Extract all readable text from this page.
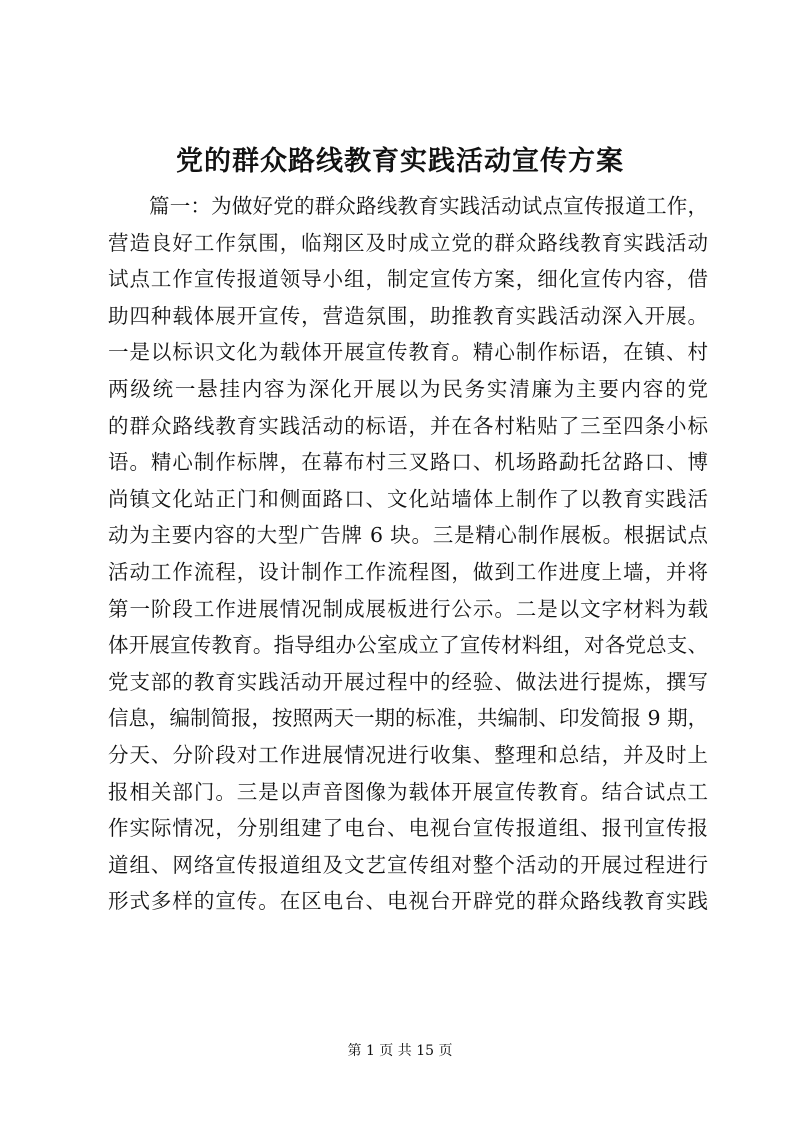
党的群众路线教育实践活动宣传方案
篇一：为做好党的群众路线教育实践活动试点宣传报道工作，
营造良好工作氛围，临翔区及时成立党的群众路线教育实践活动
试点工作宣传报道领导小组，制定宣传方案，细化宣传内容，借
助四种载体展开宣传，营造氛围，助推教育实践活动深入开展。
一是以标识文化为载体开展宣传教育。精心制作标语，在镇、村
两级统一悬挂内容为深化开展以为民务实清廉为主要内容的党
的群众路线教育实践活动的标语，并在各村粘贴了三至四条小标
语。精心制作标牌，在幕布村三叉路口、机场路勐托岔路口、博
尚镇文化站正门和侧面路口、文化站墙体上制作了以教育实践活
动为主要内容的大型广告牌 6 块。三是精心制作展板。根据试点
活动工作流程，设计制作工作流程图，做到工作进度上墙，并将
第一阶段工作进展情况制成展板进行公示。二是以文字材料为载
体开展宣传教育。指导组办公室成立了宣传材料组，对各党总支、
党支部的教育实践活动开展过程中的经验、做法进行提炼，撰写
信息，编制简报，按照两天一期的标准，共编制、印发简报 9 期，
分天、分阶段对工作进展情况进行收集、整理和总结，并及时上
报相关部门。三是以声音图像为载体开展宣传教育。结合试点工
作实际情况，分别组建了电台、电视台宣传报道组、报刊宣传报
道组、网络宣传报道组及文艺宣传组对整个活动的开展过程进行
形式多样的宣传。在区电台、电视台开辟党的群众路线教育实践
第 1 页 共 15 页
